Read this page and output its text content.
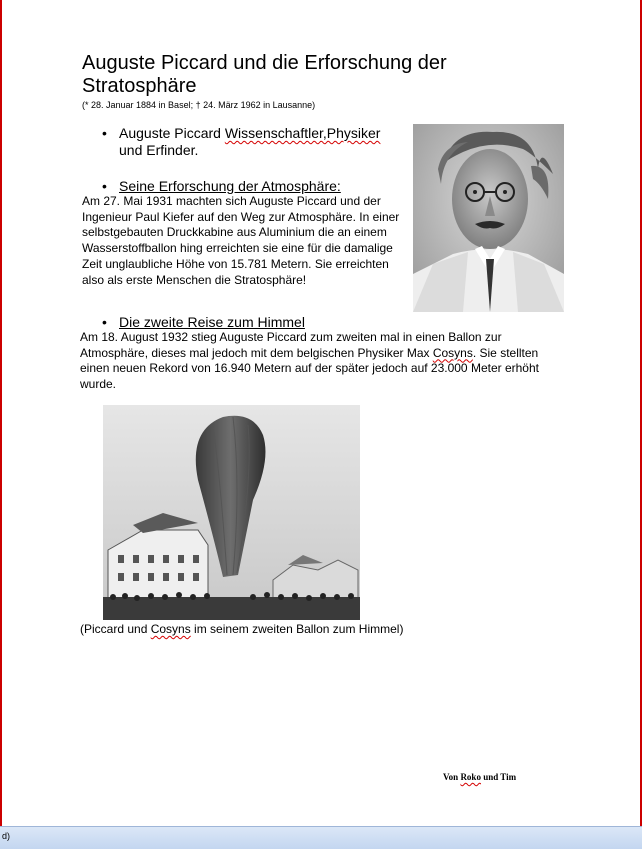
Auguste Piccard und die Erforschung der Stratosphäre
(* 28. Januar 1884 in Basel; † 24. März 1962 in Lausanne)
• Auguste Piccard Wissenschaftler,Physiker und Erfinder.
• Seine Erforschung der Atmosphäre:
Am 27. Mai 1931 machten sich Auguste Piccard und der Ingenieur Paul Kiefer auf den Weg zur Atmosphäre. In einer selbstgebauten Druckkabine aus Aluminium die an einem Wasserstoffballon hing erreichten sie eine für die damalige Zeit unglaubliche Höhe von 15.781 Metern. Sie erreichten also als erste Menschen die Stratosphäre!
• Die zweite Reise zum Himmel
Am 18. August 1932 stieg Auguste Piccard zum zweiten mal in einen Ballon zur Atmosphäre, dieses mal jedoch mit dem belgischen Physiker Max Cosyns. Sie stellten einen neuen Rekord von 16.940 Metern auf der später jedoch auf 23.000 Meter erhöht wurde.
(Piccard und Cosyns im seinem zweiten Ballon zum Himmel)
Von Roko und Tim
d)
